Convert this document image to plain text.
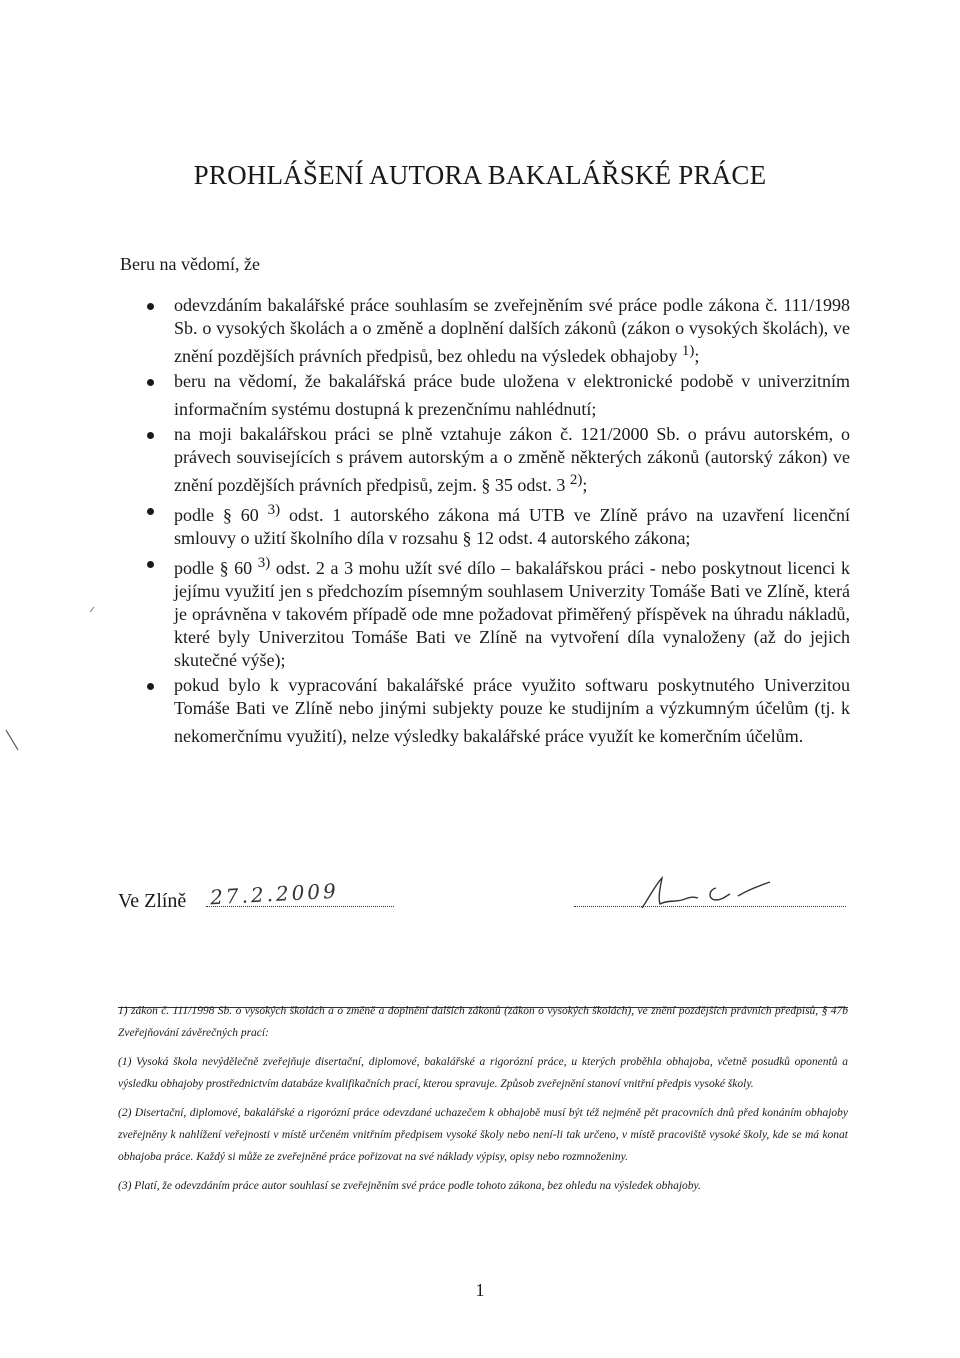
PROHLÁŠENÍ AUTORA BAKALÁŘSKÉ PRÁCE

Beru na vědomí, že

odevzdáním bakalářské práce souhlasím se zveřejněním své práce podle zákona č. 111/1998 Sb. o vysokých školách a o změně a doplnění dalších zákonů (zákon o vysokých školách), ve znění pozdějších právních předpisů, bez ohledu na výsledek obhajoby $^{1)}$;
beru na vědomí, že bakalářská práce bude uložena v elektronické podobě v univerzitním informačním systému dostupná k prezenčnímu nahlédnutí;
na moji bakalářskou práci se plně vztahuje zákon č. 121/2000 Sb. o právu autorském, o právech souvisejících s právem autorským a o změně některých zákonů (autorský zákon) ve znění pozdějších právních předpisů, zejm. § 35 odst. 3 $^{2)}$;
podle § 60 $^{3)}$ odst. 1 autorského zákona má UTB ve Zlíně právo na uzavření licenční smlouvy o užití školního díla v rozsahu § 12 odst. 4 autorského zákona;
podle § 60 $^{3)}$ odst. 2 a 3 mohu užít své dílo – bakalářskou práci - nebo poskytnout licenci k jejímu využití jen s předchozím písemným souhlasem Univerzity Tomáše Bati ve Zlíně, která je oprávněna v takovém případě ode mne požadovat přiměřený příspěvek na úhradu nákladů, které byly Univerzitou Tomáše Bati ve Zlíně na vytvoření díla vynaloženy (až do jejich skutečné výše);
pokud bylo k vypracování bakalářské práce využito softwaru poskytnutého Univerzitou Tomáše Bati ve Zlíně nebo jinými subjekty pouze ke studijním a výzkumným účelům (tj. k nekomerčnímu využití), nelze výsledky bakalářské práce využít ke komerčním účelům.
Ve Zlíně 27.2.2009

1) zákon č. 111/1998 Sb. o vysokých školách a o změně a doplnění dalších zákonů (zákon o vysokých školách), ve znění pozdějších právních předpisů, § 47b Zveřejňování závěrečných prací:

(1) Vysoká škola nevýdělečně zveřejňuje disertační, diplomové, bakalářské a rigorózní práce, u kterých proběhla obhajoba, včetně posudků oponentů a výsledku obhajoby prostřednictvím databáze kvalifikačních prací, kterou spravuje. Způsob zveřejnění stanoví vnitřní předpis vysoké školy.

(2) Disertační, diplomové, bakalářské a rigorózní práce odevzdané uchazečem k obhajobě musí být též nejméně pět pracovních dnů před konáním obhajoby zveřejněny k nahlížení veřejnosti v místě určeném vnitřním předpisem vysoké školy nebo není-li tak určeno, v místě pracoviště vysoké školy, kde se má konat obhajoba práce. Každý si může ze zveřejněné práce pořizovat na své náklady výpisy, opisy nebo rozmnoženiny.

(3) Platí, že odevzdáním práce autor souhlasí se zveřejněním své práce podle tohoto zákona, bez ohledu na výsledek obhajoby.

1
